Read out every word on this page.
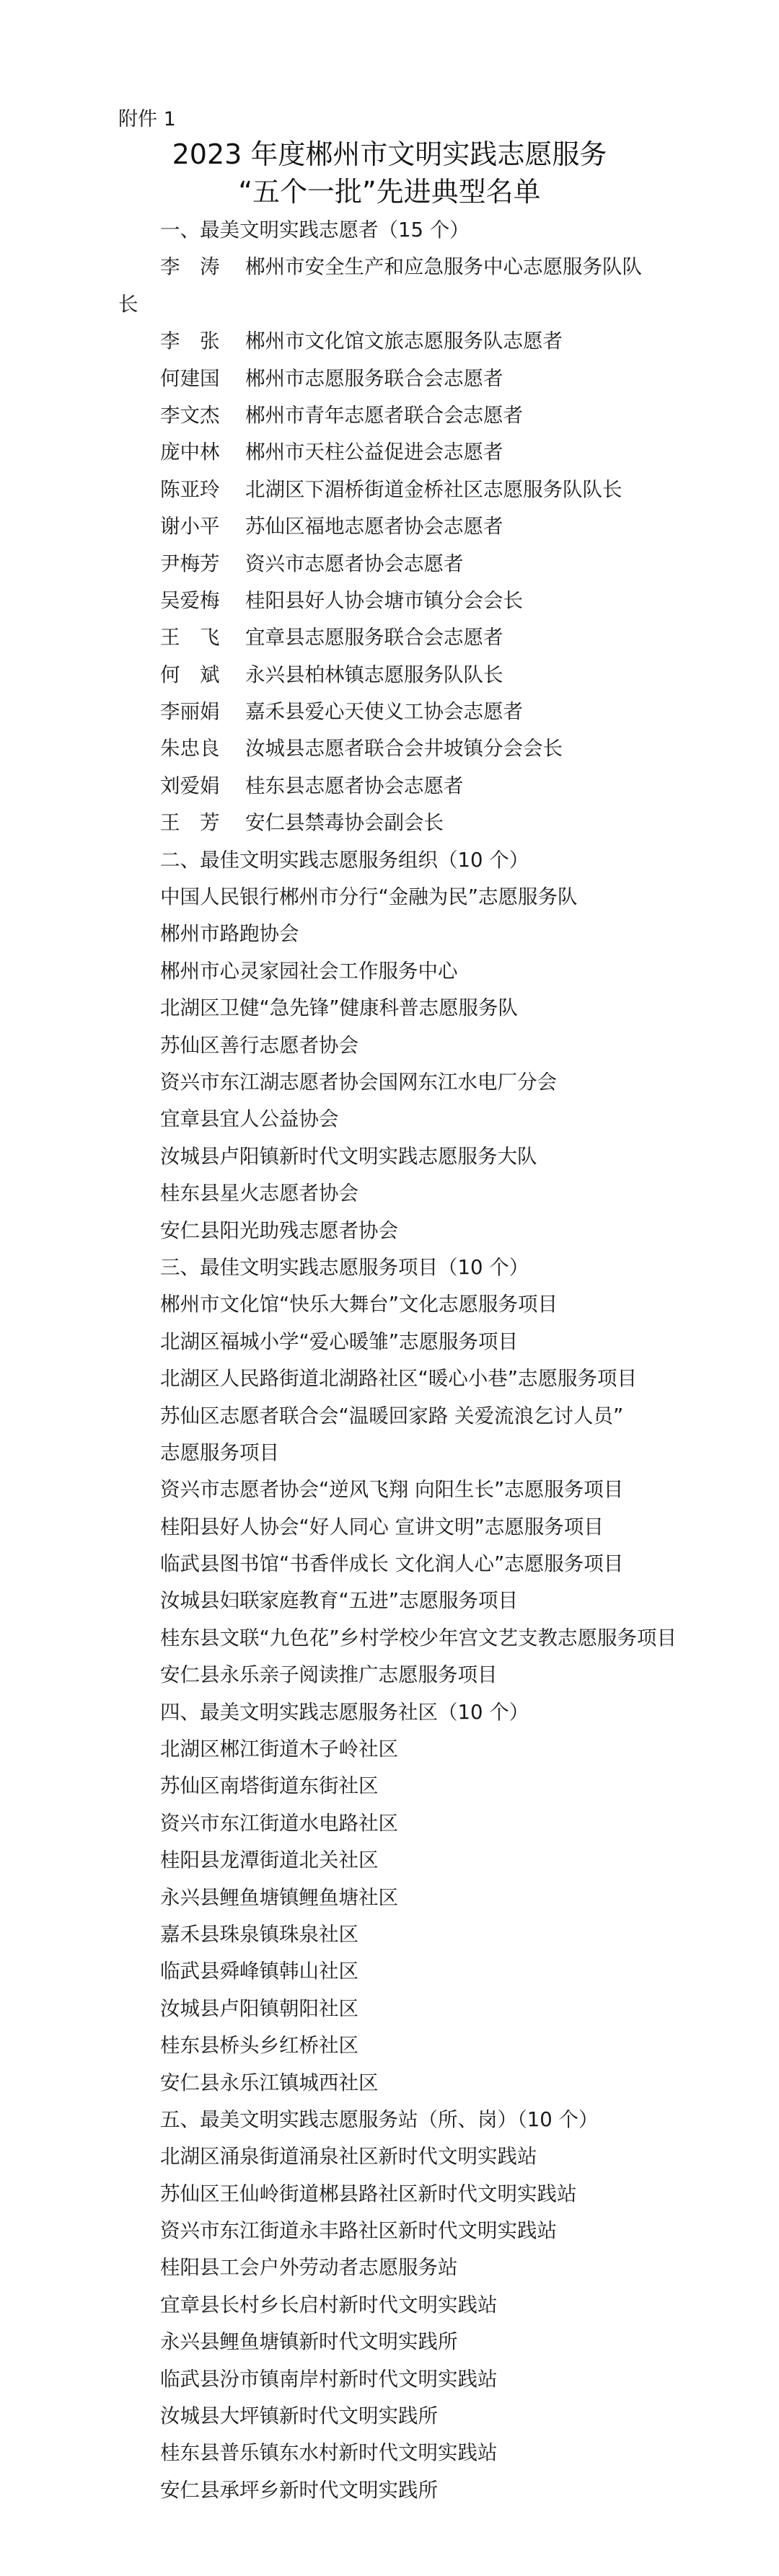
附件 1
2023 年度郴州市文明实践志愿服务
“五个一批”先进典型名单
一、最美文明实践志愿者（15 个）
李　涛	郴州市安全生产和应急服务中心志愿服务队队
长
李　张	郴州市文化馆文旅志愿服务队志愿者
何建国	郴州市志愿服务联合会志愿者
李文杰	郴州市青年志愿者联合会志愿者
庞中林	郴州市天柱公益促进会志愿者
陈亚玲	北湖区下湄桥街道金桥社区志愿服务队队长
谢小平	苏仙区福地志愿者协会志愿者
尹梅芳	资兴市志愿者协会志愿者
吴爱梅	桂阳县好人协会塘市镇分会会长
王　飞	宜章县志愿服务联合会志愿者
何　斌	永兴县柏林镇志愿服务队队长
李丽娟	嘉禾县爱心天使义工协会志愿者
朱忠良	汝城县志愿者联合会井坡镇分会会长
刘爱娟	桂东县志愿者协会志愿者
王　芳	安仁县禁毒协会副会长
二、最佳文明实践志愿服务组织（10 个）
中国人民银行郴州市分行“金融为民”志愿服务队
郴州市路跑协会
郴州市心灵家园社会工作服务中心
北湖区卫健“急先锋”健康科普志愿服务队
苏仙区善行志愿者协会
资兴市东江湖志愿者协会国网东江水电厂分会
宜章县宜人公益协会
汝城县卢阳镇新时代文明实践志愿服务大队
桂东县星火志愿者协会
安仁县阳光助残志愿者协会
三、最佳文明实践志愿服务项目（10 个）
郴州市文化馆“快乐大舞台”文化志愿服务项目
北湖区福城小学“爱心暖雏”志愿服务项目
北湖区人民路街道北湖路社区“暖心小巷”志愿服务项目
苏仙区志愿者联合会“温暖回家路 关爱流浪乞讨人员”
志愿服务项目
资兴市志愿者协会“逆风飞翔 向阳生长”志愿服务项目
桂阳县好人协会“好人同心 宣讲文明”志愿服务项目
临武县图书馆“书香伴成长 文化润人心”志愿服务项目
汝城县妇联家庭教育“五进”志愿服务项目
桂东县文联“九色花”乡村学校少年宫文艺支教志愿服务项目
安仁县永乐亲子阅读推广志愿服务项目
四、最美文明实践志愿服务社区（10 个）
北湖区郴江街道木子岭社区
苏仙区南塔街道东街社区
资兴市东江街道水电路社区
桂阳县龙潭街道北关社区
永兴县鲤鱼塘镇鲤鱼塘社区
嘉禾县珠泉镇珠泉社区
临武县舜峰镇韩山社区
汝城县卢阳镇朝阳社区
桂东县桥头乡红桥社区
安仁县永乐江镇城西社区
五、最美文明实践志愿服务站（所、岗）（10 个）
北湖区涌泉街道涌泉社区新时代文明实践站
苏仙区王仙岭街道郴县路社区新时代文明实践站
资兴市东江街道永丰路社区新时代文明实践站
桂阳县工会户外劳动者志愿服务站
宜章县长村乡长启村新时代文明实践站
永兴县鲤鱼塘镇新时代文明实践所
临武县汾市镇南岸村新时代文明实践站
汝城县大坪镇新时代文明实践所
桂东县普乐镇东水村新时代文明实践站
安仁县承坪乡新时代文明实践所
